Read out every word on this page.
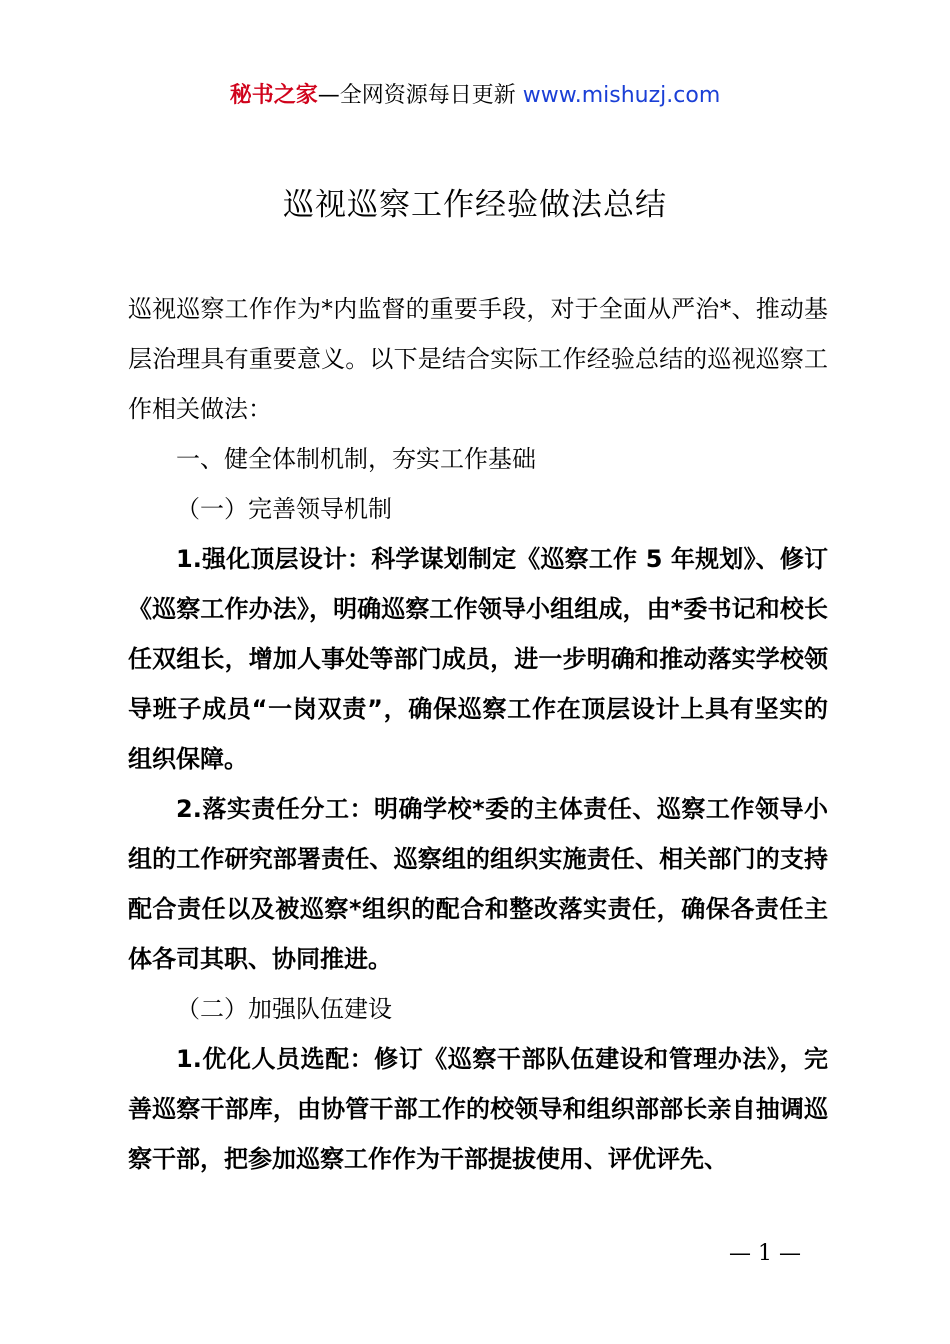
秘书之家—全网资源每日更新 www.mishuzj.com
巡视巡察工作经验做法总结

巡视巡察工作作为*内监督的重要手段，对于全面从严治*、推动基层治理具有重要意义。以下是结合实际工作经验总结的巡视巡察工作相关做法：

一、健全体制机制，夯实工作基础

（一）完善领导机制

1.强化顶层设计：科学谋划制定《巡察工作 5 年规划》、修订《巡察工作办法》，明确巡察工作领导小组组成，由*委书记和校长任双组长，增加人事处等部门成员，进一步明确和推动落实学校领导班子成员“一岗双责”，确保巡察工作在顶层设计上具有坚实的组织保障。

2.落实责任分工：明确学校*委的主体责任、巡察工作领导小组的工作研究部署责任、巡察组的组织实施责任、相关部门的支持配合责任以及被巡察*组织的配合和整改落实责任，确保各责任主体各司其职、协同推进。

（二）加强队伍建设

1.优化人员选配：修订《巡察干部队伍建设和管理办法》，完善巡察干部库，由协管干部工作的校领导和组织部部长亲自抽调巡察干部，把参加巡察工作作为干部提拔使用、评优评先、

— 1 —
